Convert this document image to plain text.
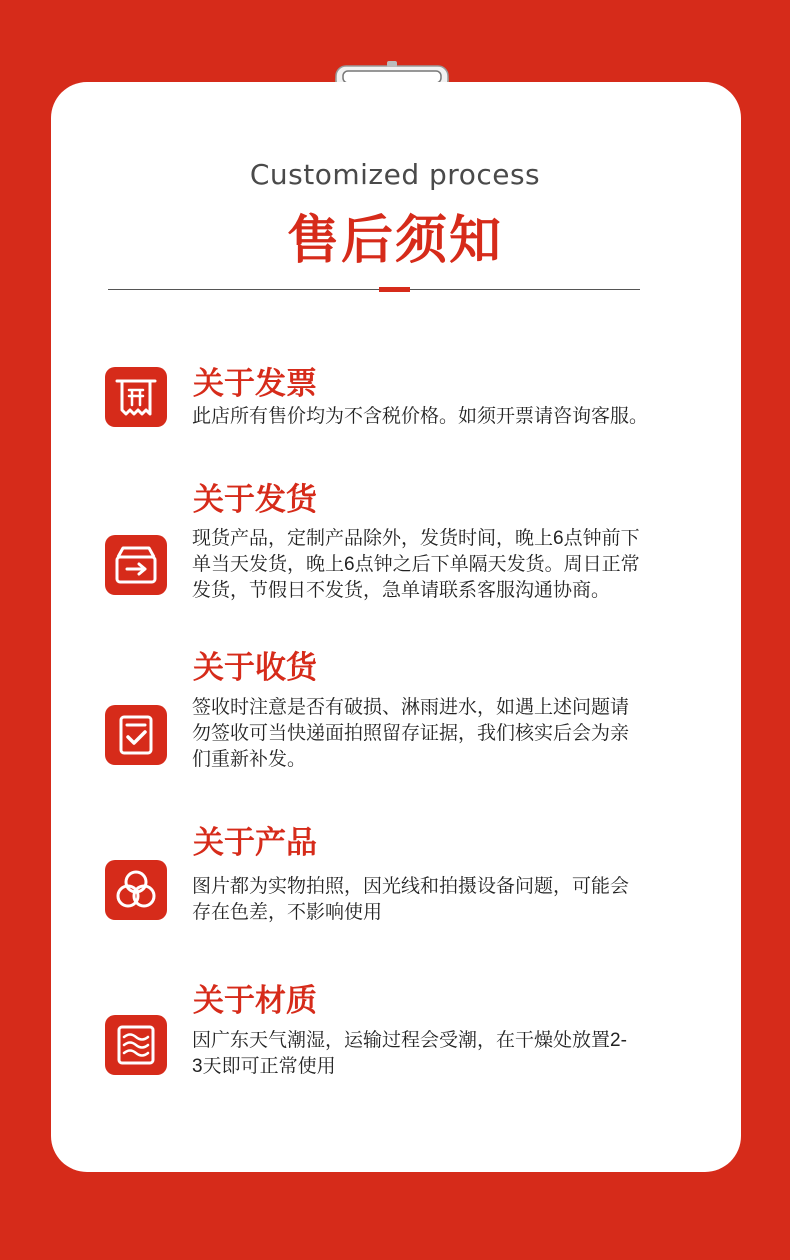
Customized process
售后须知
关于发票
此店所有售价均为不含税价格。如须开票请咨询客服。
关于发货
现货产品，定制产品除外，发货时间，晚上6点钟前下
单当天发货，晚上6点钟之后下单隔天发货。周日正常
发货，节假日不发货，急单请联系客服沟通协商。
关于收货
签收时注意是否有破损、淋雨进水，如遇上述问题请
勿签收可当快递面拍照留存证据，我们核实后会为亲
们重新补发。
关于产品
图片都为实物拍照，因光线和拍摄设备问题，可能会
存在色差，不影响使用
关于材质
因广东天气潮湿，运输过程会受潮，在干燥处放置2-
3天即可正常使用
